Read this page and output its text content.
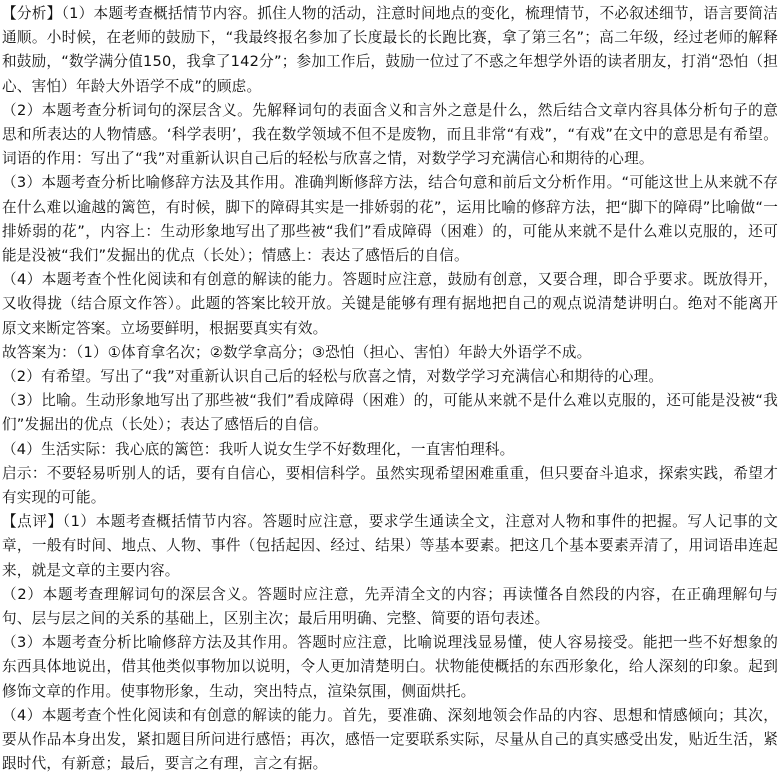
【分析】（1）本题考查概括情节内容。抓住人物的活动，注意时间地点的变化，梳理情节，不必叙述细节，语言要简洁通顺。小时候，在老师的鼓励下，“我最终报名参加了长度最长的长跑比赛，拿了第三名”；高二年级，经过老师的解释和鼓励，“数学满分值150，我拿了142分”；参加工作后，鼓励一位过了不惑之年想学外语的读者朋友，打消“恐怕（担心、害怕）年龄大外语学不成”的顾虑。

（2）本题考查分析词句的深层含义。先解释词句的表面含义和言外之意是什么，然后结合文章内容具体分析句子的意思和所表达的人物情感。‘科学表明’，我在数学领域不但不是废物，而且非常“有戏”，“有戏”在文中的意思是有希望。词语的作用：写出了“我”对重新认识自己后的轻松与欣喜之情，对数学学习充满信心和期待的心理。

（3）本题考查分析比喻修辞方法及其作用。准确判断修辞方法，结合句意和前后文分析作用。“可能这世上从来就不存在什么难以逾越的篱笆，有时候，脚下的障碍其实是一排娇弱的花”，运用比喻的修辞方法，把“脚下的障碍”比喻做“一排娇弱的花”，内容上：生动形象地写出了那些被“我们”看成障碍（困难）的，可能从来就不是什么难以克服的，还可能是没被“我们”发掘出的优点（长处）；情感上：表达了感悟后的自信。

（4）本题考查个性化阅读和有创意的解读的能力。答题时应注意，鼓励有创意，又要合理，即合乎要求。既放得开，又收得拢（结合原文作答）。此题的答案比较开放。关键是能够有理有据地把自己的观点说清楚讲明白。绝对不能离开原文来断定答案。立场要鲜明，根据要真实有效。

故答案为：（1）①体育拿名次；②数学拿高分；③恐怕（担心、害怕）年龄大外语学不成。

（2）有希望。写出了“我”对重新认识自己后的轻松与欣喜之情，对数学学习充满信心和期待的心理。

（3）比喻。生动形象地写出了那些被“我们”看成障碍（困难）的，可能从来就不是什么难以克服的，还可能是没被“我们”发掘出的优点（长处）；表达了感悟后的自信。

（4）生活实际：我心底的篱笆：我听人说女生学不好数理化，一直害怕理科。

启示：不要轻易听别人的话，要有自信心，要相信科学。虽然实现希望困难重重，但只要奋斗追求，探索实践，希望才有实现的可能。

【点评】（1）本题考查概括情节内容。答题时应注意，要求学生通读全文，注意对人物和事件的把握。写人记事的文章，一般有时间、地点、人物、事件（包括起因、经过、结果）等基本要素。把这几个基本要素弄清了，用词语串连起来，就是文章的主要内容。

（2）本题考查理解词句的深层含义。答题时应注意，先弄清全文的内容；再读懂各自然段的内容，在正确理解句与句、层与层之间的关系的基础上，区别主次；最后用明确、完整、简要的语句表述。

（3）本题考查分析比喻修辞方法及其作用。答题时应注意，比喻说理浅显易懂，使人容易接受。能把一些不好想象的东西具体地说出，借其他类似事物加以说明，令人更加清楚明白。状物能使概括的东西形象化，给人深刻的印象。起到修饰文章的作用。使事物形象，生动，突出特点，渲染氛围，侧面烘托。

（4）本题考查个性化阅读和有创意的解读的能力。首先，要准确、深刻地领会作品的内容、思想和情感倾向；其次，要从作品本身出发，紧扣题目所问进行感悟；再次，感悟一定要联系实际，尽量从自己的真实感受出发，贴近生活，紧跟时代，有新意；最后，要言之有理，言之有据。
